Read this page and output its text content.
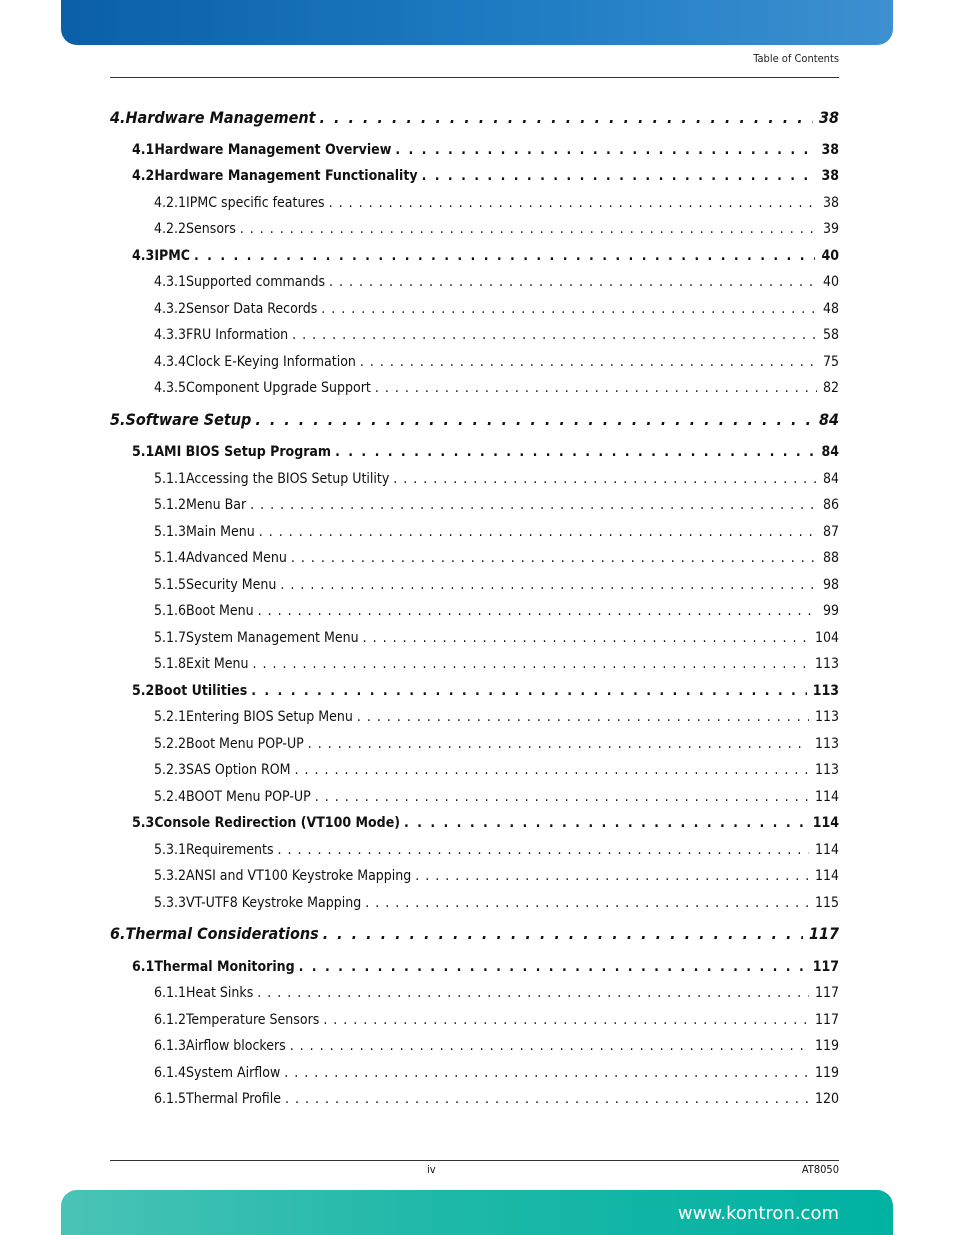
Table of Contents
4. Hardware Management . . .	38
4.1 Hardware Management Overview . . .	38
4.2 Hardware Management Functionality . . .	38
4.2.1 IPMC specific features . . .	38
4.2.2 Sensors . . .	39
4.3 IPMC . . .	40
4.3.1 Supported commands . . .	40
4.3.2 Sensor Data Records . . .	48
4.3.3 FRU Information . . .	58
4.3.4 Clock E-Keying Information . . .	75
4.3.5 Component Upgrade Support . . .	82
5. Software Setup . . .	84
5.1 AMI BIOS Setup Program . . .	84
5.1.1 Accessing the BIOS Setup Utility . . .	84
5.1.2 Menu Bar . . .	86
5.1.3 Main Menu . . .	87
5.1.4 Advanced Menu . . .	88
5.1.5 Security Menu . . .	98
5.1.6 Boot Menu . . .	99
5.1.7 System Management Menu . . .	104
5.1.8 Exit Menu . . .	113
5.2 Boot Utilities . . .	113
5.2.1 Entering BIOS Setup Menu . . .	113
5.2.2 Boot Menu POP-UP . . .	113
5.2.3 SAS Option ROM . . .	113
5.2.4 BOOT Menu POP-UP . . .	114
5.3 Console Redirection (VT100 Mode) . . .	114
5.3.1 Requirements . . .	114
5.3.2 ANSI and VT100 Keystroke Mapping . . .	114
5.3.3 VT-UTF8 Keystroke Mapping . . .	115
6. Thermal Considerations . . .	117
6.1 Thermal Monitoring . . .	117
6.1.1 Heat Sinks . . .	117
6.1.2 Temperature Sensors . . .	117
6.1.3 Airflow blockers . . .	119
6.1.4 System Airflow . . .	119
6.1.5 Thermal Profile . . .	120
iv	AT8050
www.kontron.com
